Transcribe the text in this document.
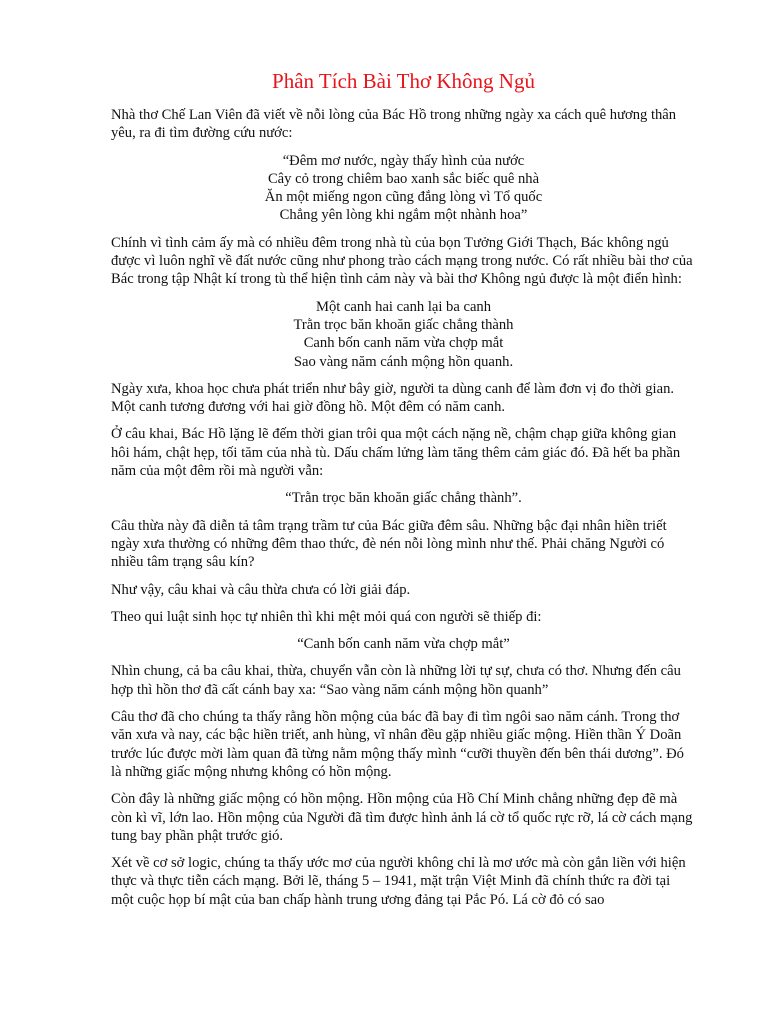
Phân Tích Bài Thơ Không Ngủ

Nhà thơ Chế Lan Viên đã viết về nỗi lòng của Bác Hồ trong những ngày xa cách quê hương thân yêu, ra đi tìm đường cứu nước:

“Đêm mơ nước, ngày thấy hình của nước
Cây cỏ trong chiêm bao xanh sắc biếc quê nhà
Ăn một miếng ngon cũng đắng lòng vì Tổ quốc
Chẳng yên lòng khi ngắm một nhành hoa”

Chính vì tình cảm ấy mà có nhiều đêm trong nhà tù của bọn Tưởng Giới Thạch, Bác không ngủ được vì luôn nghĩ về đất nước cũng như phong trào cách mạng trong nước. Có rất nhiều bài thơ của Bác trong tập Nhật kí trong tù thể hiện tình cảm này và bài thơ Không ngủ được là một điển hình:

Một canh hai canh lại ba canh
Trằn trọc băn khoăn giấc chẳng thành
Canh bốn canh năm vừa chợp mắt
Sao vàng năm cánh mộng hồn quanh.

Ngày xưa, khoa học chưa phát triển như bây giờ, người ta dùng canh để làm đơn vị đo thời gian. Một canh tương đương với hai giờ đồng hồ. Một đêm có năm canh.

Ở câu khai, Bác Hồ lặng lẽ đếm thời gian trôi qua một cách nặng nề, chậm chạp giữa không gian hôi hám, chật hẹp, tối tăm của nhà tù. Dấu chấm lửng làm tăng thêm cảm giác đó. Đã hết ba phần năm của một đêm rồi mà người vẫn:

“Trằn trọc băn khoăn giấc chẳng thành”.

Câu thừa này đã diễn tả tâm trạng trầm tư của Bác giữa đêm sâu. Những bậc đại nhân hiền triết ngày xưa thường có những đêm thao thức, đè nén nỗi lòng mình như thế. Phải chăng Người có nhiều tâm trạng sâu kín?

Như vậy, câu khai và câu thừa chưa có lời giải đáp.

Theo qui luật sinh học tự nhiên thì khi mệt mỏi quá con người sẽ thiếp đi:

“Canh bốn canh năm vừa chợp mắt”

Nhìn chung, cả ba câu khai, thừa, chuyển vẫn còn là những lời tự sự, chưa có thơ. Nhưng đến câu hợp thì hồn thơ đã cất cánh bay xa: “Sao vàng năm cánh mộng hồn quanh”

Câu thơ đã cho chúng ta thấy rằng hồn mộng của bác đã bay đi tìm ngôi sao năm cánh. Trong thơ văn xưa và nay, các bậc hiền triết, anh hùng, vĩ nhân đều gặp nhiều giấc mộng. Hiền thần Ý Doãn trước lúc được mời làm quan đã từng nằm mộng thấy mình “cưỡi thuyền đến bên thái dương”. Đó là những giấc mộng nhưng không có hồn mộng.

Còn đây là những giấc mộng có hồn mộng. Hồn mộng của Hồ Chí Minh chẳng những đẹp đẽ mà còn kì vĩ, lớn lao. Hồn mộng của Người đã tìm được hình ảnh lá cờ tổ quốc rực rỡ, lá cờ cách mạng tung bay phần phật trước gió.

Xét về cơ sở logic, chúng ta thấy ước mơ của người không chỉ là mơ ước mà còn gắn liền với hiện thực và thực tiễn cách mạng. Bởi lẽ, tháng 5 – 1941, mặt trận Việt Minh đã chính thức ra đời tại một cuộc họp bí mật của ban chấp hành trung ương đảng tại Pắc Pó. Lá cờ đỏ có sao
